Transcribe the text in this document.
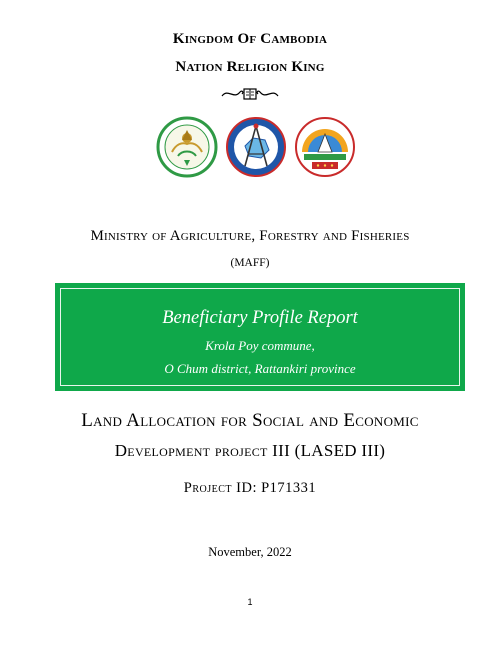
Kingdom Of Cambodia
Nation Religion King
Ministry of Agriculture, Forestry and Fisheries
(MAFF)
Beneficiary Profile Report
Krola Poy commune,
O Chum district, Rattankiri province
Land Allocation for Social and Economic
Development project III (LASED III)
Project ID: P171331
November, 2022
1
